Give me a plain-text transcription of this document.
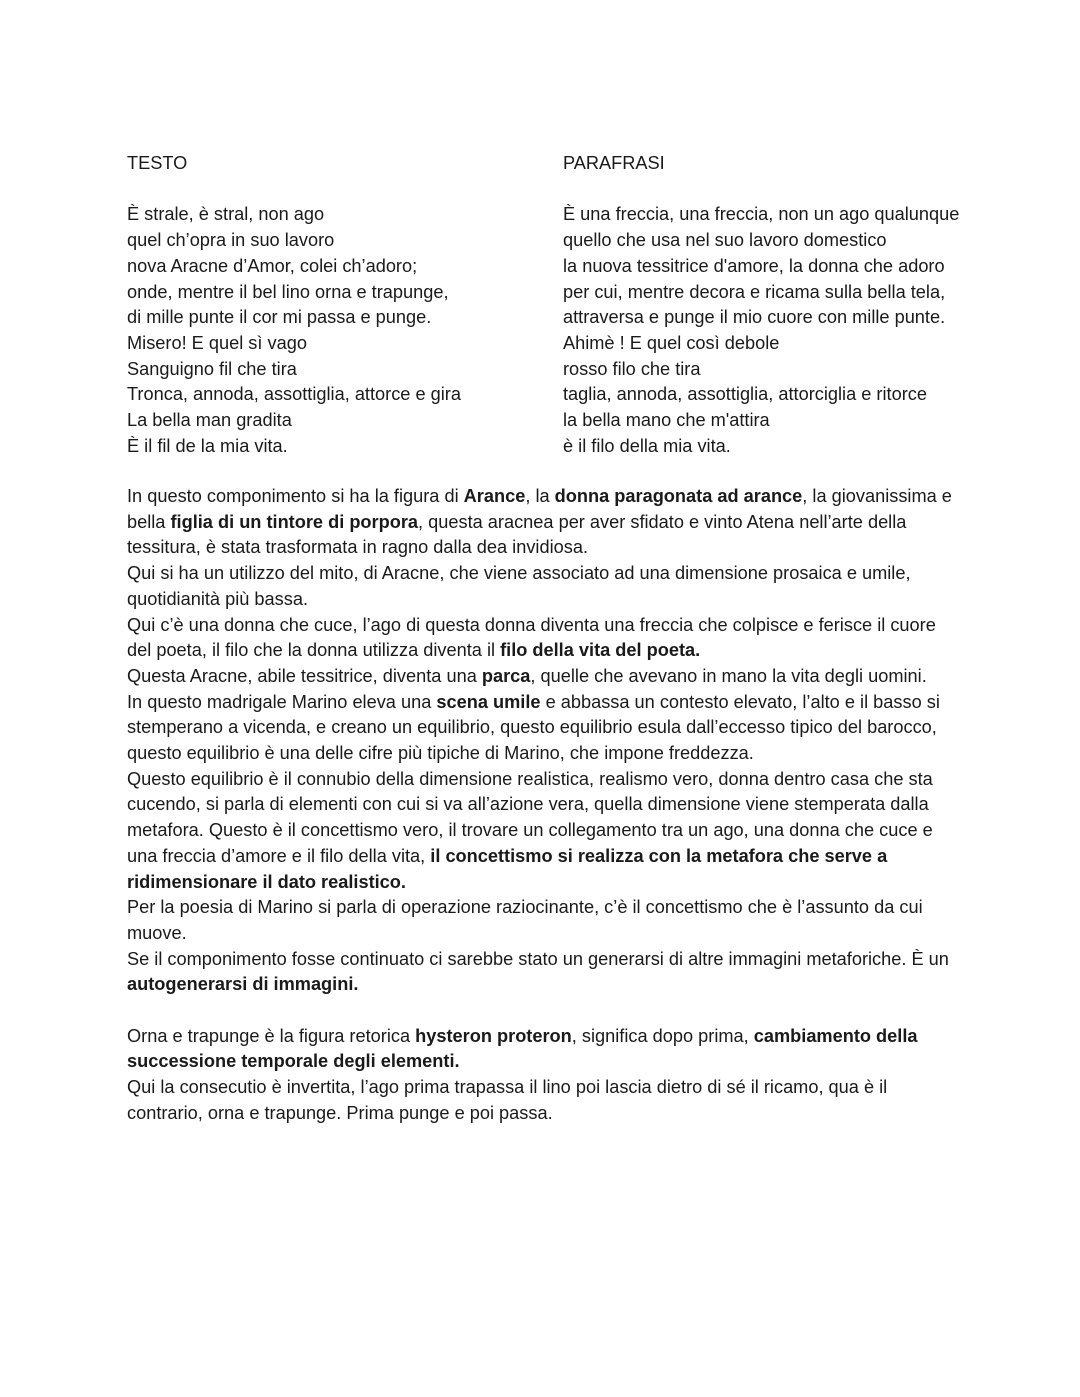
TESTO
È strale, è stral, non ago
quel ch’opra in suo lavoro
nova Aracne d’Amor, colei ch’adoro;
onde, mentre il bel lino orna e trapunge,
di mille punte il cor mi passa e punge.
Misero! E quel sì vago
Sanguigno fil che tira
Tronca, annoda, assottiglia, attorce e gira
La bella man gradita
È il fil de la mia vita.
PARAFRASI
È una freccia, una freccia, non un ago qualunque
quello che usa nel suo lavoro domestico
la nuova tessitrice d'amore, la donna che adoro
per cui, mentre decora e ricama sulla bella tela,
attraversa e punge il mio cuore con mille punte.
Ahimè ! E quel così debole
rosso filo che tira
taglia, annoda, assottiglia, attorciglia e ritorce
la bella mano che m'attira
è il filo della mia vita.

In questo componimento si ha la figura di Arance, la donna paragonata ad arance, la giovanissima e bella figlia di un tintore di porpora, questa aracnea per aver sfidato e vinto Atena nell’arte della tessitura, è stata trasformata in ragno dalla dea invidiosa.

Qui si ha un utilizzo del mito, di Aracne, che viene associato ad una dimensione prosaica e umile, quotidianità più bassa.

Qui c’è una donna che cuce, l’ago di questa donna diventa una freccia che colpisce e ferisce il cuore del poeta, il filo che la donna utilizza diventa il filo della vita del poeta.

Questa Aracne, abile tessitrice, diventa una parca, quelle che avevano in mano la vita degli uomini.

In questo madrigale Marino eleva una scena umile e abbassa un contesto elevato, l’alto e il basso si stemperano a vicenda, e creano un equilibrio, questo equilibrio esula dall’eccesso tipico del barocco, questo equilibrio è una delle cifre più tipiche di Marino, che impone freddezza.

Questo equilibrio è il connubio della dimensione realistica, realismo vero, donna dentro casa che sta cucendo, si parla di elementi con cui si va all’azione vera, quella dimensione viene stemperata dalla metafora. Questo è il concettismo vero, il trovare un collegamento tra un ago, una donna che cuce e una freccia d’amore e il filo della vita, il concettismo si realizza con la metafora che serve a ridimensionare il dato realistico.

Per la poesia di Marino si parla di operazione raziocinante, c’è il concettismo che è l’assunto da cui muove.

Se il componimento fosse continuato ci sarebbe stato un generarsi di altre immagini metaforiche. È un autogenerarsi di immagini.

Orna e trapunge è la figura retorica hysteron proteron, significa dopo prima, cambiamento della successione temporale degli elementi.

Qui la consecutio è invertita, l’ago prima trapassa il lino poi lascia dietro di sé il ricamo, qua è il contrario, orna e trapunge. Prima punge e poi passa.
